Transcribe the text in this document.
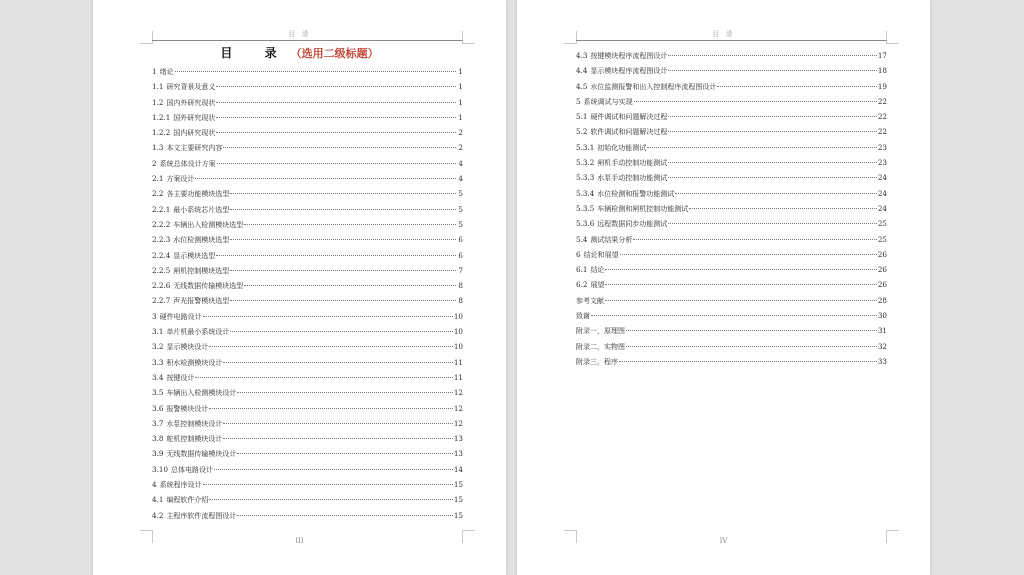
目 录
目 录（选用二级标题）
1 绪论	1
1.1 研究背景及意义	1
1.2 国内外研究现状	1
1.2.1 国外研究现状	1
1.2.2 国内研究现状	2
1.3 本文主要研究内容	2
2 系统总体设计方案	4
2.1 方案设计	4
2.2 各主要功能模块选型	5
2.2.1 最小系统芯片选型	5
2.2.2 车辆出入检测模块选型	5
2.2.3 水位检测模块选型	6
2.2.4 显示模块选型	6
2.2.5 闸机控制模块选型	7
2.2.6 无线数据传输模块选型	8
2.2.7 声光报警模块选型	8
3 硬件电路设计	10
3.1 单片机最小系统设计	10
3.2 显示模块设计	10
3.3 积水检测模块设计	11
3.4 按键设计	11
3.5 车辆出入检测模块设计	12
3.6 报警模块设计	12
3.7 水泵控制模块设计	12
3.8 舵机控制模块设计	13
3.9 无线数据传输模块设计	13
3.10 总体电路设计	14
4 系统程序设计	15
4.1 编程软件介绍	15
4.2 主程序软件流程图设计	15
III
目 录
4.3 按键模块程序流程图设计	17
4.4 显示模块程序流程图设计	18
4.5 水位监测报警和出入控制程序流程图设计	19
5 系统调试与实现	22
5.1 硬件调试和问题解决过程	22
5.2 软件调试和问题解决过程	22
5.3.1 初始化功能测试	23
5.3.2 闸机手动控制功能测试	23
5.3.3 水泵手动控制功能测试	24
5.3.4 水位检测和报警功能测试	24
5.3.5 车辆检测和闸机控制功能测试	24
5.3.6 远程数据同步功能测试	25
5.4 测试结果分析	25
6 结论和展望	26
6.1 结论	26
6.2 展望	26
参考文献	28
致谢	30
附录一，原理图	31
附录二，实物图	32
附录三，程序	33
IV
